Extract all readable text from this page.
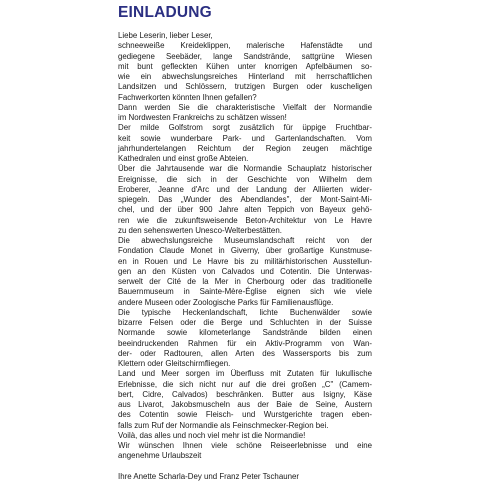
EINLADUNG
Liebe Leserin, lieber Leser,
schneeweiße Kreideklippen, malerische Hafenstädte und
gediegene Seebäder, lange Sandstrände, sattgrüne Wiesen
mit bunt gefleckten Kühen unter knorrigen Apfelbäumen so-
wie ein abwechslungsreiches Hinterland mit herrschaftlichen
Landsitzen und Schlössern, trutzigen Burgen oder kuscheligen
Fachwerkorten könnten Ihnen gefallen?
Dann werden Sie die charakteristische Vielfalt der Normandie
im Nordwesten Frankreichs zu schätzen wissen!
Der milde Golfstrom sorgt zusätzlich für üppige Fruchtbar-
keit sowie wunderbare Park- und Gartenlandschaften. Vom
jahrhundertelangen Reichtum der Region zeugen mächtige
Kathedralen und einst große Abteien.
Über die Jahrtausende war die Normandie Schauplatz historischer
Ereignisse, die sich in der Geschichte von Wilhelm dem
Eroberer, Jeanne d'Arc und der Landung der Alliierten wider-
spiegeln. Das „Wunder des Abendlandes", der Mont-Saint-Mi-
chel, und der über 900 Jahre alten Teppich von Bayeux gehö-
ren wie die zukunftsweisende Beton-Architektur von Le Havre
zu den sehenswerten Unesco-Welterbestätten.
Die abwechslungsreiche Museumslandschaft reicht von der
Fondation Claude Monet in Giverny, über großartige Kunstmuse-
en in Rouen und Le Havre bis zu militärhistorischen Ausstellun-
gen an den Küsten von Calvados und Cotentin. Die Unterwas-
serwelt der Cité de la Mer in Cherbourg oder das traditionelle
Bauernmuseum in Sainte-Mère-Église eignen sich wie viele
andere Museen oder Zoologische Parks für Familienausflüge.
Die typische Heckenlandschaft, lichte Buchenwälder sowie
bizarre Felsen oder die Berge und Schluchten in der Suisse
Normande sowie kilometerlange Sandstrände bilden einen
beeindruckenden Rahmen für ein Aktiv-Programm von Wan-
der- oder Radtouren, allen Arten des Wassersports bis zum
Klettern oder Gleitschirmfliegen.
Land und Meer sorgen im Überfluss mit Zutaten für lukullische
Erlebnisse, die sich nicht nur auf die drei großen „C" (Camem-
bert, Cidre, Calvados) beschränken. Butter aus Isigny, Käse
aus Livarot, Jakobsmuscheln aus der Baie de Seine, Austern
des Cotentin sowie Fleisch- und Wurstgerichte tragen eben-
falls zum Ruf der Normandie als Feinschmecker-Region bei.
Voilà, das alles und noch viel mehr ist die Normandie!
Wir wünschen Ihnen viele schöne Reiseerlebnisse und eine
angenehme Urlaubszeit
Ihre Anette Scharla-Dey und Franz Peter Tschauner
